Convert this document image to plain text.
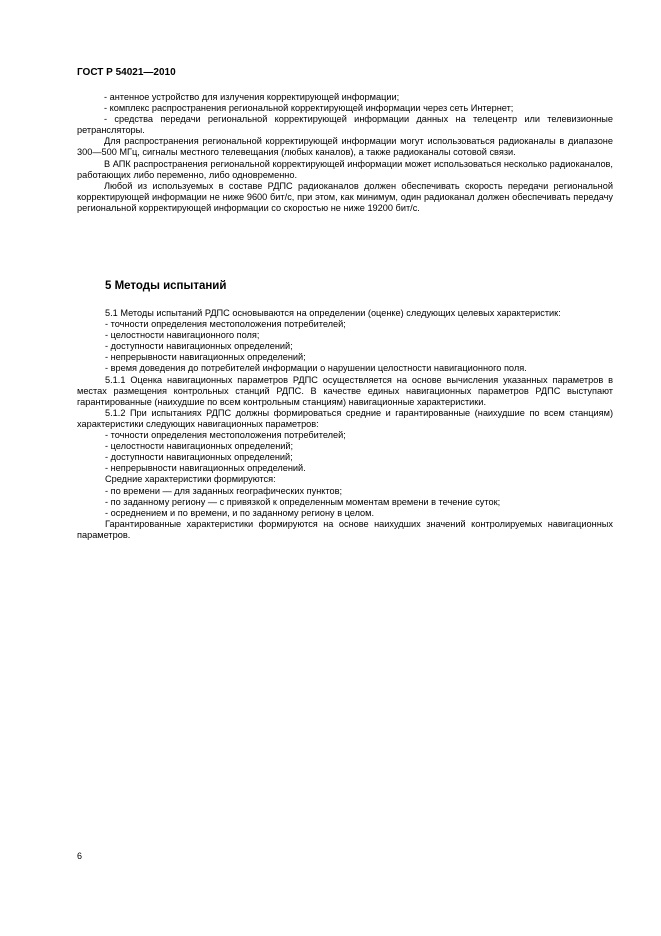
ГОСТ Р 54021—2010
- антенное устройство для излучения корректирующей информации;
- комплекс распространения региональной корректирующей информации через сеть Интернет;
- средства передачи региональной корректирующей информации данных на телецентр или телевизионные ретрансляторы.
Для распространения региональной корректирующей информации могут использоваться радиоканалы в диапазоне 300—500 МГц, сигналы местного телевещания (любых каналов), а также радиоканалы сотовой связи.
В АПК распространения региональной корректирующей информации может использоваться несколько радиоканалов, работающих либо переменно, либо одновременно.
Любой из используемых в составе РДПС радиоканалов должен обеспечивать скорость передачи региональной корректирующей информации не ниже 9600 бит/с, при этом, как минимум, один радиоканал должен обеспечивать передачу региональной корректирующей информации со скоростью не ниже 19200 бит/с.
5 Методы испытаний
5.1 Методы испытаний РДПС основываются на определении (оценке) следующих целевых характеристик:
- точности определения местоположения потребителей;
- целостности навигационного поля;
- доступности навигационных определений;
- непрерывности навигационных определений;
- время доведения до потребителей информации о нарушении целостности навигационного поля.
5.1.1 Оценка навигационных параметров РДПС осуществляется на основе вычисления указанных параметров в местах размещения контрольных станций РДПС. В качестве единых навигационных параметров РДПС выступают гарантированные (наихудшие по всем контрольным станциям) навигационные характеристики.
5.1.2 При испытаниях РДПС должны формироваться средние и гарантированные (наихудшие по всем станциям) характеристики следующих навигационных параметров:
- точности определения местоположения потребителей;
- целостности навигационных определений;
- доступности навигационных определений;
- непрерывности навигационных определений.
Средние характеристики формируются:
- по времени — для заданных географических пунктов;
- по заданному региону — с привязкой к определенным моментам времени в течение суток;
- осреднением и по времени, и по заданному региону в целом.
Гарантированные характеристики формируются на основе наихудших значений контролируемых навигационных параметров.
6
